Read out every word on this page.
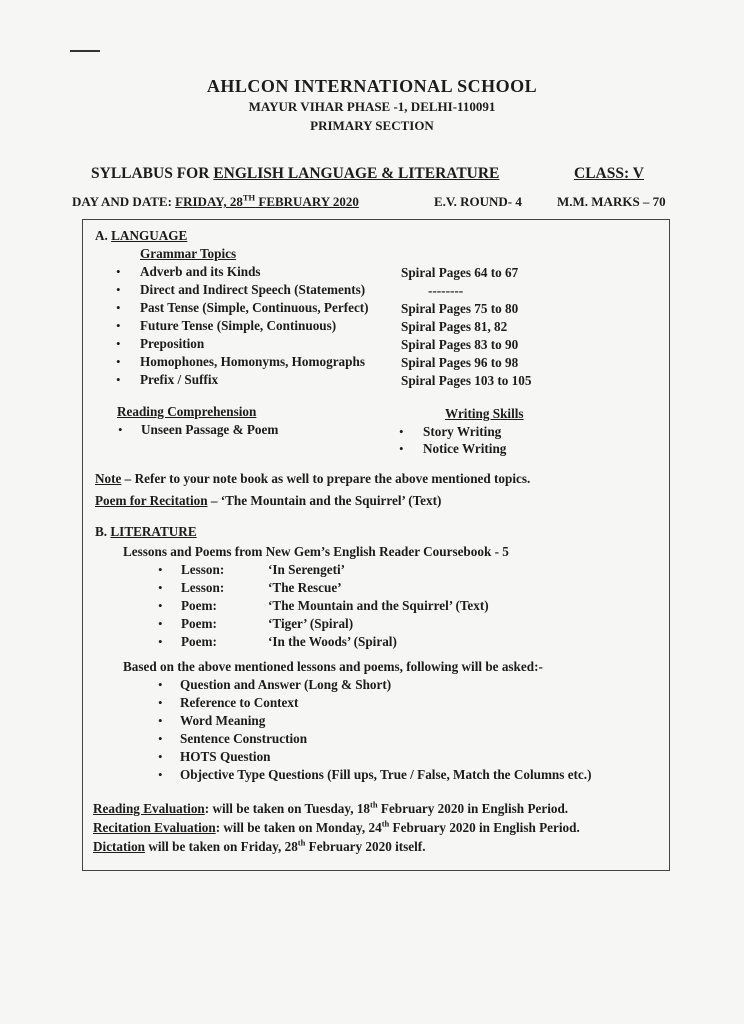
AHLCON INTERNATIONAL SCHOOL
MAYUR VIHAR PHASE -1, DELHI-110091
PRIMARY SECTION
SYLLABUS FOR ENGLISH LANGUAGE & LITERATURE	CLASS: V
DAY AND DATE: FRIDAY, 28TH FEBRUARY 2020	E.V. ROUND- 4	M.M. MARKS – 70
A. LANGUAGE
Grammar Topics
• Adverb and its Kinds	Spiral Pages 64 to 67
• Direct and Indirect Speech (Statements)	--------
• Past Tense (Simple, Continuous, Perfect) Spiral Pages 75 to 80
• Future Tense (Simple, Continuous)	Spiral Pages 81, 82
• Preposition	Spiral Pages 83 to 90
• Homophones, Homonyms, Homographs	Spiral Pages 96 to 98
• Prefix / Suffix	Spiral Pages 103 to 105
Reading Comprehension
• Unseen Passage & Poem
Writing Skills
• Story Writing
• Notice Writing
Note – Refer to your note book as well to prepare the above mentioned topics.
Poem for Recitation – ‘The Mountain and the Squirrel’ (Text)
B. LITERATURE
Lessons and Poems from New Gem’s English Reader Coursebook - 5
• Lesson:	‘In Serengeti’
• Lesson:	‘The Rescue’
• Poem:	‘The Mountain and the Squirrel’ (Text)
• Poem:	‘Tiger’ (Spiral)
• Poem:	‘In the Woods’ (Spiral)
Based on the above mentioned lessons and poems, following will be asked:-
• Question and Answer (Long & Short)
• Reference to Context
• Word Meaning
• Sentence Construction
• HOTS Question
• Objective Type Questions (Fill ups, True / False, Match the Columns etc.)
Reading Evaluation: will be taken on Tuesday, 18th February 2020 in English Period.
Recitation Evaluation: will be taken on Monday, 24th February 2020 in English Period.
Dictation will be taken on Friday, 28th February 2020 itself.
